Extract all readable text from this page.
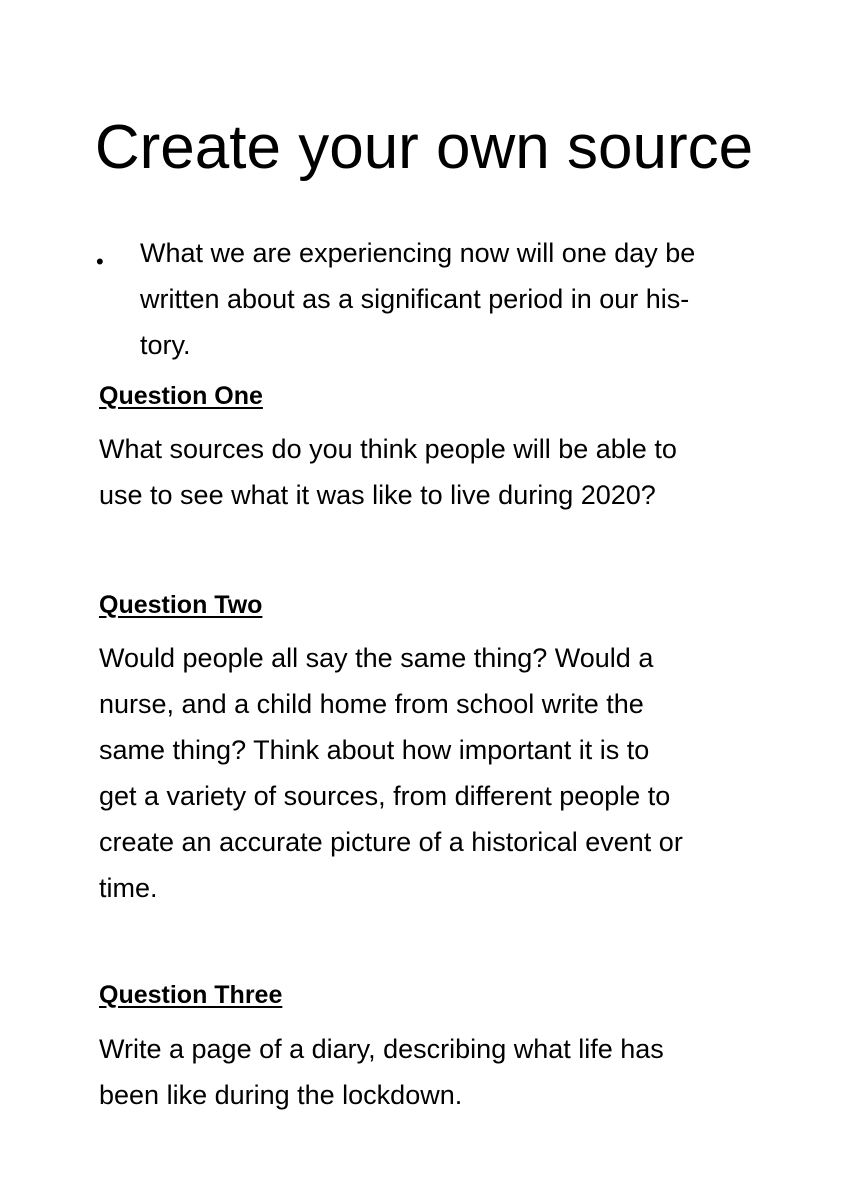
Create your own source
• What we are experiencing now will one day be
written about as a significant period in our his-
tory.
Question One
What sources do you think people will be able to
use to see what it was like to live during 2020?
Question Two
Would people all say the same thing? Would a
nurse, and a child home from school write the
same thing? Think about how important it is to
get a variety of sources, from different people to
create an accurate picture of a historical event or
time.
Question Three
Write a page of a diary, describing what life has
been like during the lockdown.
